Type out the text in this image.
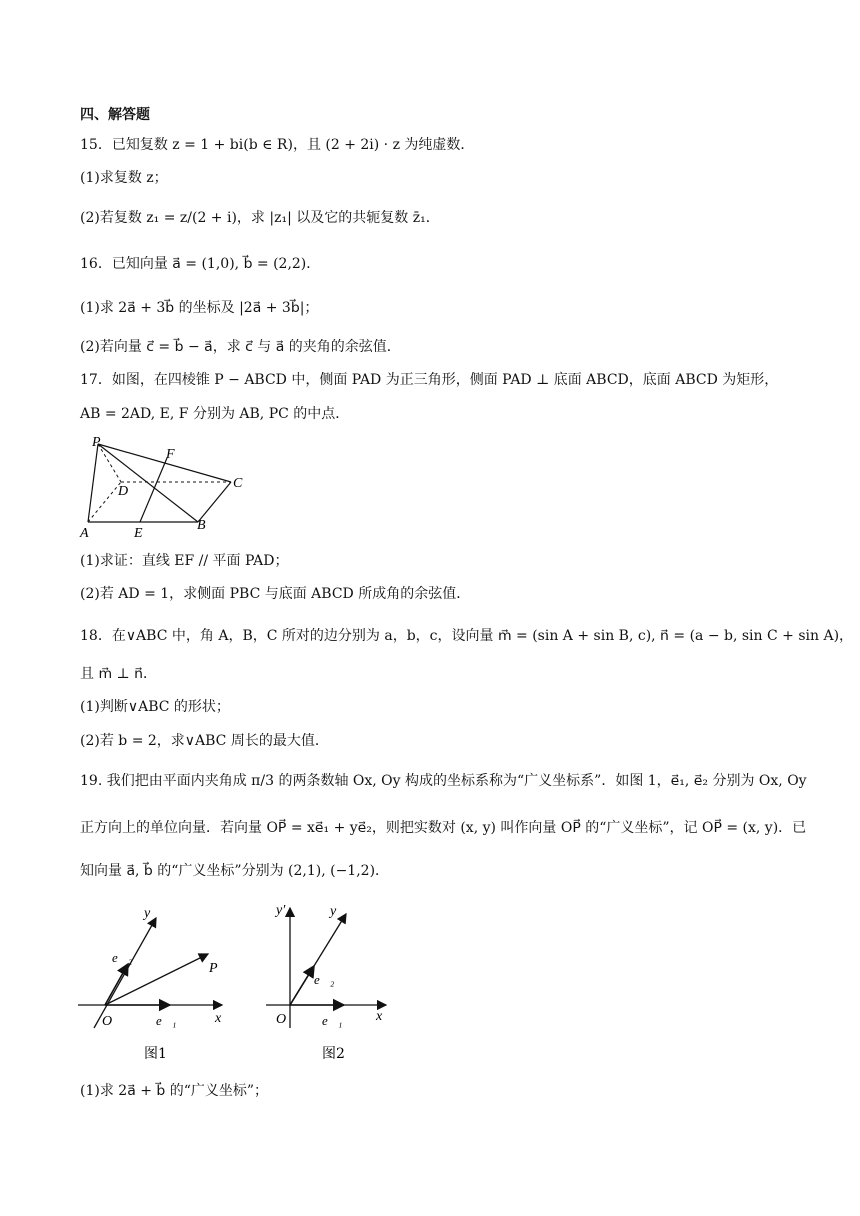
四、解答题
15．已知复数 z = 1 + bi(b ∈ R)，且 (2 + 2i) · z 为纯虚数．
(1)求复数 z；
(2)若复数 z₁ = z/(2 + i)，求 |z₁| 以及它的共轭复数 z̄₁．
16．已知向量 a⃗ = (1,0), b⃗ = (2,2)．
(1)求 2a⃗ + 3b⃗ 的坐标及 |2a⃗ + 3b⃗|；
(2)若向量 c⃗ = b⃗ − a⃗，求 c⃗ 与 a⃗ 的夹角的余弦值．
17．如图，在四棱锥 P − ABCD 中，侧面 PAD 为正三角形，侧面 PAD ⊥ 底面 ABCD，底面 ABCD 为矩形，
AB = 2AD, E, F 分别为 AB, PC 的中点．
P
F
D
C
A	E
B
(1)求证：直线 EF // 平面 PAD；
(2)若 AD = 1，求侧面 PBC 与底面 ABCD 所成角的余弦值．
18．在∨ABC 中，角 A，B，C 所对的边分别为 a，b，c，设向量 m⃗ = (sin A + sin B, c), n⃗ = (a − b, sin C + sin A)，
且 m⃗ ⊥ n⃗．
(1)判断∨ABC 的形状；
(2)若 b = 2，求∨ABC 周长的最大值．
19. 我们把由平面内夹角成 π/3 的两条数轴 Ox, Oy 构成的坐标系称为“广义坐标系”．如图 1，e⃗₁, e⃗₂ 分别为 Ox, Oy
正方向上的单位向量．若向量 OP⃗ = xe⃗₁ + ye⃗₂，则把实数对 (x, y) 叫作向量 OP⃗ 的“广义坐标”，记 OP⃗ = (x, y)．已
知向量 a⃗, b⃗ 的“广义坐标”分别为 (2,1), (−1,2)．
y
e⃗₂
P
O	e⃗₁	x
图1
y′	y
e⃗₂
O	e⃗₁ x
图2
(1)求 2a⃗ + b⃗ 的“广义坐标”；
